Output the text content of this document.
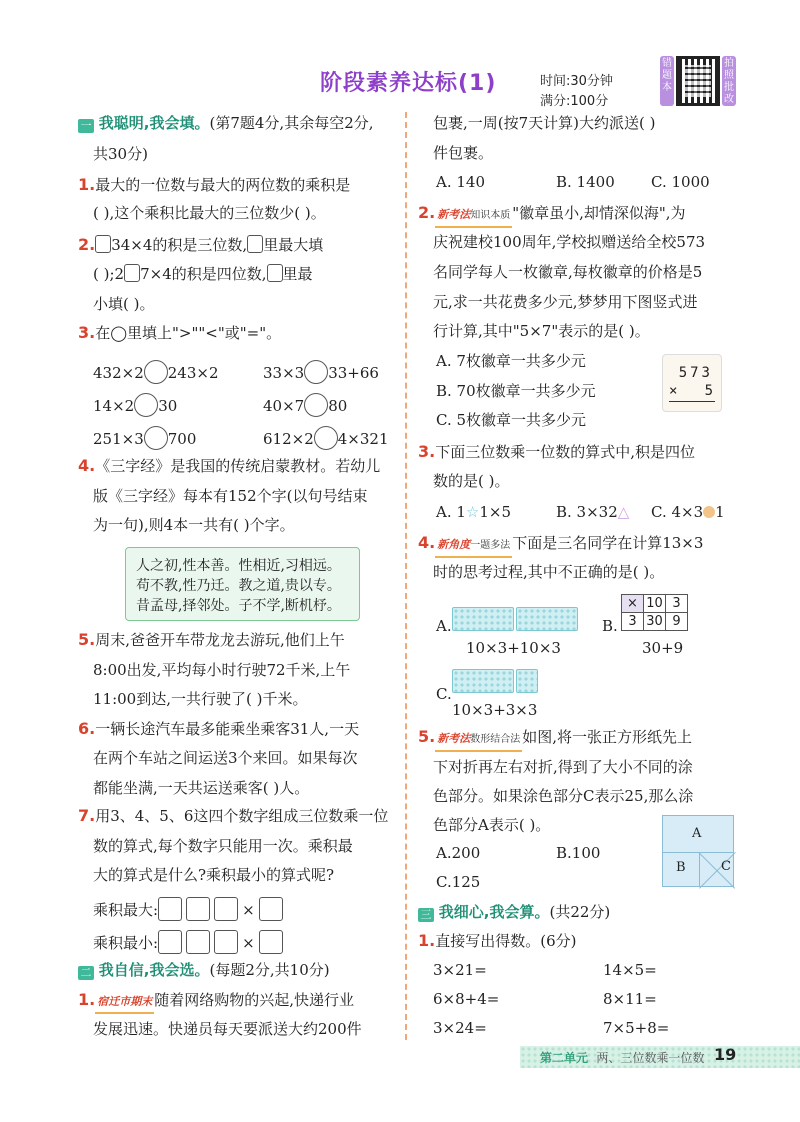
阶段素养达标(1)	时间:30分钟
满分:100分
错题本
拍照批改
一 我聪明,我会填。(第7题4分,其余每空2分,
共30分)
1.最大的一位数与最大的两位数的乘积是
( ),这个乘积比最大的三位数少( )。
2. 34×4的积是三位数, 里最大填
( );2 7×4的积是四位数, 里最
小填( )。
3.在◯里填上">""<"或"="。
432×2 243×2	33×3 33+66
14×2 30	40×7 80
251×3 700	612×2 4×321
4.《三字经》是我国的传统启蒙教材。若幼儿
版《三字经》每本有152个字(以句号结束
为一句),则4本一共有( )个字。
人之初,性本善。性相近,习相远。
苟不教,性乃迁。教之道,贵以专。
昔孟母,择邻处。子不学,断机杼。
5.周末,爸爸开车带龙龙去游玩,他们上午
8:00出发,平均每小时行驶72千米,上午
11:00到达,一共行驶了( )千米。
6.一辆长途汽车最多能乘坐乘客31人,一天
在两个车站之间运送3个来回。如果每次
都能坐满,一天共运送乘客( )人。
7.用3、4、5、6这四个数字组成三位数乘一位
数的算式,每个数字只能用一次。乘积最
大的算式是什么?乘积最小的算式呢?
乘积最大:	×
乘积最小:	×
二 我自信,我会选。(每题2分,共10分)
1. 宿迁市期末 随着网络购物的兴起,快递行业
发展迅速。快递员每天要派送大约200件
包裹,一周(按7天计算)大约派送( )
件包裹。
A. 140	B. 1400 C. 1000
2. 新考法知识本质 "徽章虽小,却情深似海",为
庆祝建校100周年,学校拟赠送给全校573
名同学每人一枚徽章,每枚徽章的价格是5
元,求一共花费多少元,梦梦用下图竖式进
行计算,其中"5×7"表示的是( )。
A. 7枚徽章一共多少元
B. 70枚徽章一共多少元
C. 5枚徽章一共多少元
573
× 5
3.下面三位数乘一位数的算式中,积是四位
数的是( )。
A. 1☆1×5	B. 3×32△ C. 4×3 1
4. 新角度一题多法 下面是三名同学在计算13×3
时的思考过程,其中不正确的是( )。
A.
10×3+10×3
B.
×	10	3
3	30	9
30+9
C.
10×3+3×3
5. 新考法数形结合法 如图,将一张正方形纸先上
下对折再左右对折,得到了大小不同的涂
色部分。如果涂色部分C表示25,那么涂
色部分A表示( )。
A.200	B.100
C.125
A
B	C
三 我细心,我会算。(共22分)
1.直接写出得数。(6分)
3×21=	14×5=
6×8+4=	8×11=
3×24=	7×5+8=
第二单元 两、三位数乘一位数 19
